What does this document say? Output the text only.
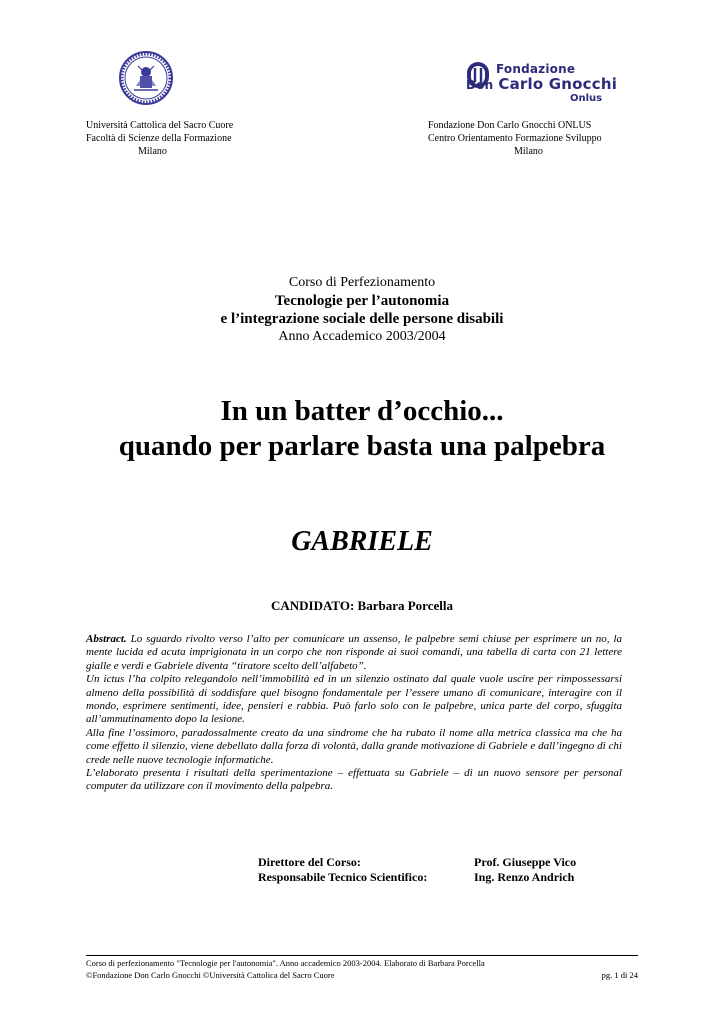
Fondazione
Don Carlo Gnocchi
Onlus
Università Cattolica del Sacro Cuore
Facoltà di Scienze della Formazione
Milano
Fondazione Don Carlo Gnocchi ONLUS
Centro Orientamento Formazione Sviluppo
Milano
Corso di Perfezionamento
Tecnologie per l’autonomia
e l’integrazione sociale delle persone disabili
Anno Accademico 2003/2004
In un batter d’occhio...
quando per parlare basta una palpebra
GABRIELE
CANDIDATO: Barbara Porcella

Abstract. Lo sguardo rivolto verso l’alto per comunicare un assenso, le palpebre semi chiuse per esprimere un no, la mente lucida ed acuta imprigionata in un corpo che non risponde ai suoi comandi, una tabella di carta con 21 lettere gialle e verdi e Gabriele diventa “tiratore scelto dell’alfabeto”.

Un ictus l’ha colpito relegandolo nell’immobilità ed in un silenzio ostinato dal quale vuole uscire per rimpossessarsi almeno della possibilità di soddisfare quel bisogno fondamentale per l’essere umano di comunicare, interagire con il mondo, esprimere sentimenti, idee, pensieri e rabbia. Può farlo solo con le palpebre, unica parte del corpo, sfuggita all’ammutinamento dopo la lesione.

Alla fine l’ossimoro, paradossalmente creato da una sindrome che ha rubato il nome alla metrica classica ma che ha come effetto il silenzio, viene debellato dalla forza di volontà, dalla grande motivazione di Gabriele e dall’ingegno di chi crede nelle nuove tecnologie informatiche.

L’elaborato presenta i risultati della sperimentazione – effettuata su Gabriele – di un nuovo sensore per personal computer da utilizzare con il movimento della palpebra.

Direttore del Corso:
Responsabile Tecnico Scientifico:
Prof. Giuseppe Vico
Ing. Renzo Andrich
Corso di perfezionamento "Tecnologie per l'autonomia". Anno accademico 2003-2004. Elaborato di Barbara Porcella
©Fondazione Don Carlo Gnocchi ©Università Cattolica del Sacro Cuore	pg. 1 di 24
